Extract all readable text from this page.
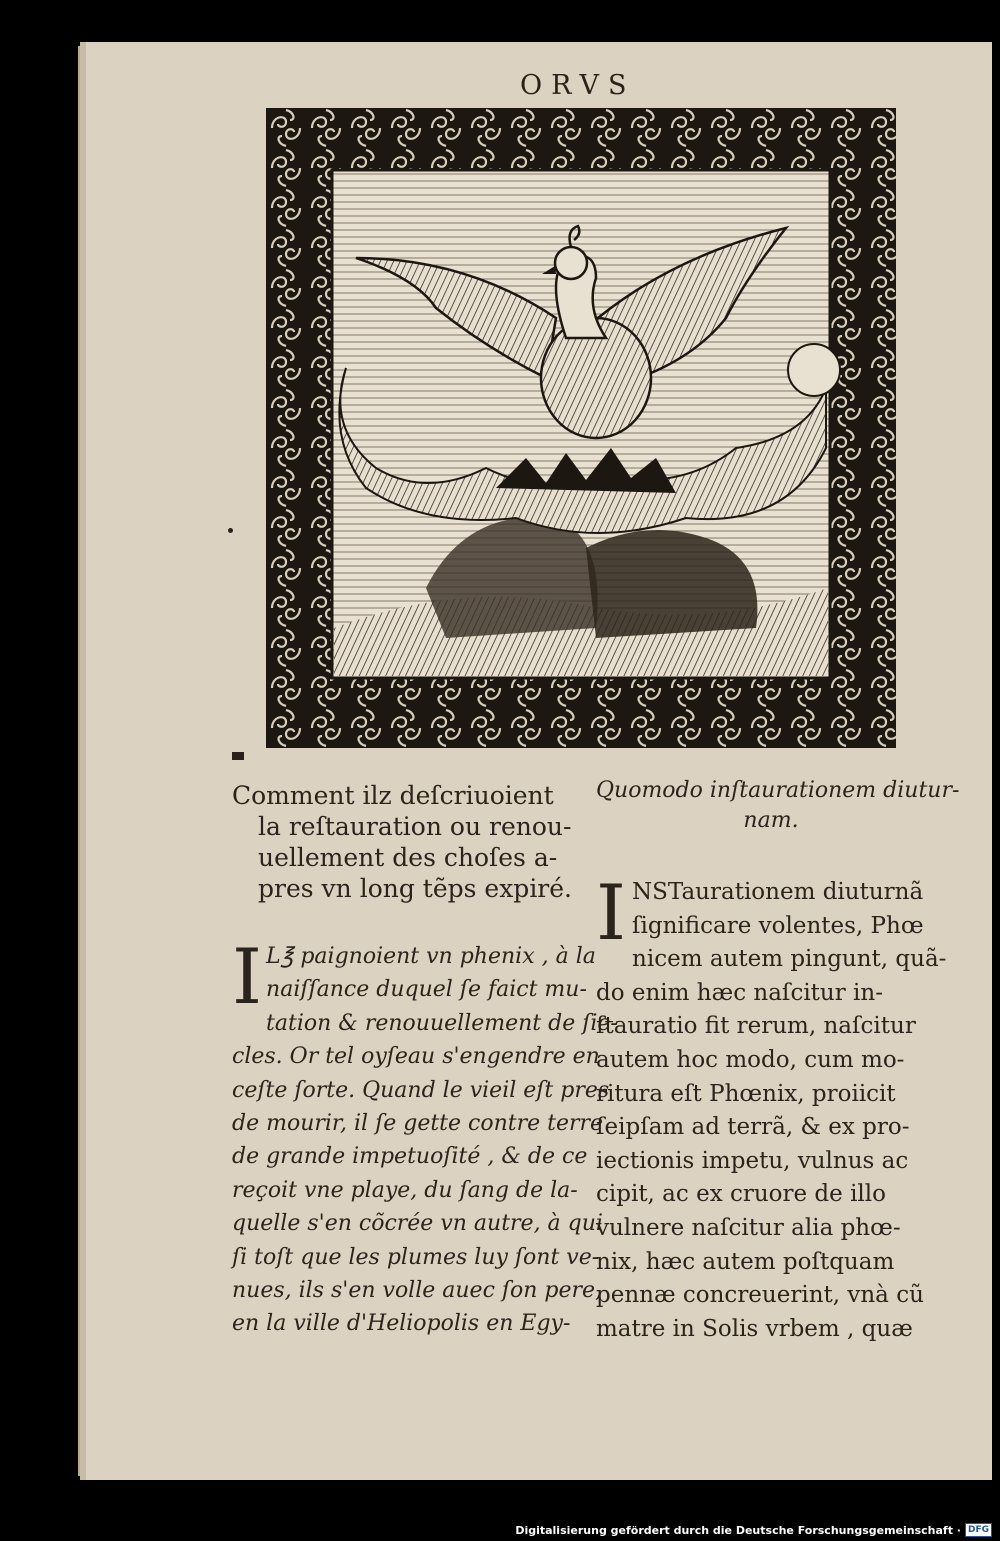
ORVS
Comment ilz deſcriuoient
la reſtauration ou renou-
uellement des choſes a-
pres vn long tẽps expiré.
Quomodo inſtaurationem diutur-
nam.
I L℥ paignoient vn phenix , à la
naiſſance duquel ſe faict mu-
tation & renouuellement de ſie-
cles. Or tel oyſeau s'engendre en
ceſte ſorte. Quand le vieil eſt pres
de mourir, il ſe gette contre terre
de grande impetuoſité , & de ce
reçoit vne playe, du ſang de la-
quelle s'en cõcrée vn autre, à qui
ſi toſt que les plumes luy ſont ve-
nues, ils s'en volle auec ſon pere,
en la ville d'Heliopolis en Egy-
I NSTaurationem diuturnã
ſignificare volentes, Phœ
nicem autem pingunt, quã-
do enim hæc naſcitur in-
ſtauratio fit rerum, naſcitur
autem hoc modo, cum mo-
ritura eſt Phœnix, proiicit
ſeipſam ad terrã, & ex pro-
iectionis impetu, vulnus ac
cipit, ac ex cruore de illo
vulnere naſcitur alia phœ-
nix, hæc autem poſtquam
pennæ concreuerint, vnà cũ
matre in Solis vrbem , quæ
Digitalisierung gefördert durch die Deutsche Forschungsgemeinschaft · DFG
